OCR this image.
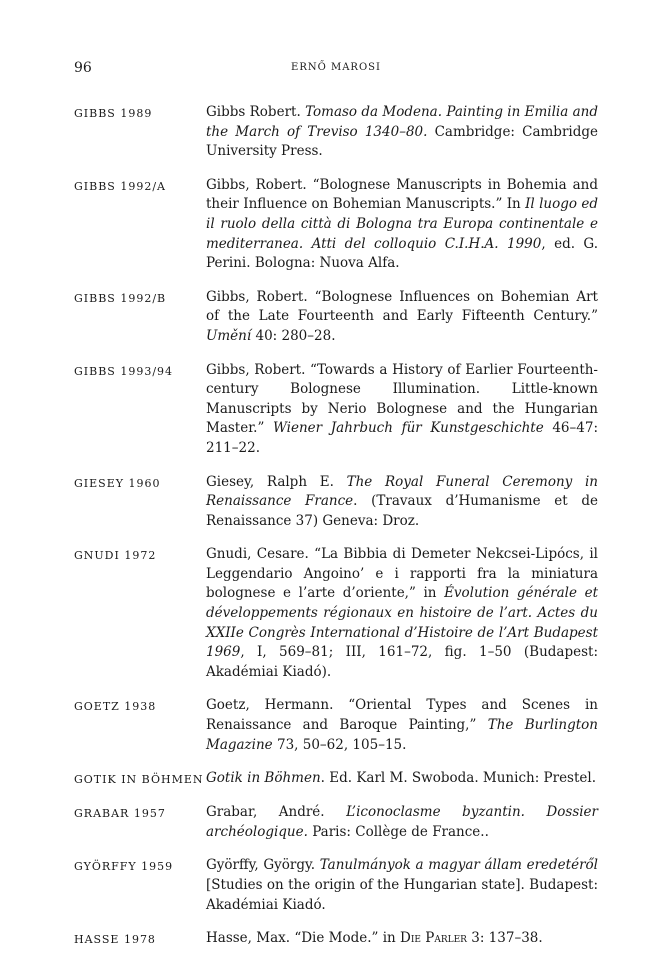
96	ERNŐ MAROSI
GIBBS 1989	Gibbs Robert. Tomaso da Modena. Painting in Emilia and the March of Treviso 1340–80. Cambridge: Cambridge University Press.
GIBBS 1992/A	Gibbs, Robert. “Bolognese Manuscripts in Bohemia and their Influence on Bohemian Manuscripts.” In Il luogo ed il ruolo della città di Bologna tra Europa continentale e mediterranea. Atti del colloquio C.I.H.A. 1990, ed. G. Perini. Bologna: Nuova Alfa.
GIBBS 1992/B	Gibbs, Robert. “Bolognese Influences on Bohemian Art of the Late Fourteenth and Early Fifteenth Century.” Umění 40: 280–28.
GIBBS 1993/94	Gibbs, Robert. “Towards a History of Earlier Fourteenth-century Bolognese Illumination. Little-known Manuscripts by Nerio Bolognese and the Hungarian Master.” Wiener Jahrbuch für Kunstgeschichte 46–47: 211–22.
GIESEY 1960	Giesey, Ralph E. The Royal Funeral Ceremony in Renaissance France. (Travaux d’Humanisme et de Renaissance 37) Geneva: Droz.
GNUDI 1972	Gnudi, Cesare. “La Bibbia di Demeter Nekcsei-Lipócs, il Leggendario Angoino’ e i rapporti fra la miniatura bolognese e l’arte d’oriente,” in Évolution générale et développements régionaux en histoire de l’art. Actes du XXIIe Congrès International d’Histoire de l’Art Budapest 1969, I, 569–81; III, 161–72, fig. 1–50 (Budapest: Akadémiai Kiadó).
GOETZ 1938	Goetz, Hermann. “Oriental Types and Scenes in Renaissance and Baroque Painting,” The Burlington Magazine 73, 50–62, 105–15.
GOTIK IN BÖHMEN Gotik in Böhmen. Ed. Karl M. Swoboda. Munich: Prestel.
GRABAR 1957	Grabar, André. L’iconoclasme byzantin. Dossier archéologique. Paris: Collège de France..
GYÖRFFY 1959	Györffy, György. Tanulmányok a magyar állam eredetéről [Studies on the origin of the Hungarian state]. Budapest: Akadémiai Kiadó.
HASSE 1978	Hasse, Max. “Die Mode.” in Die Parler 3: 137–38.
